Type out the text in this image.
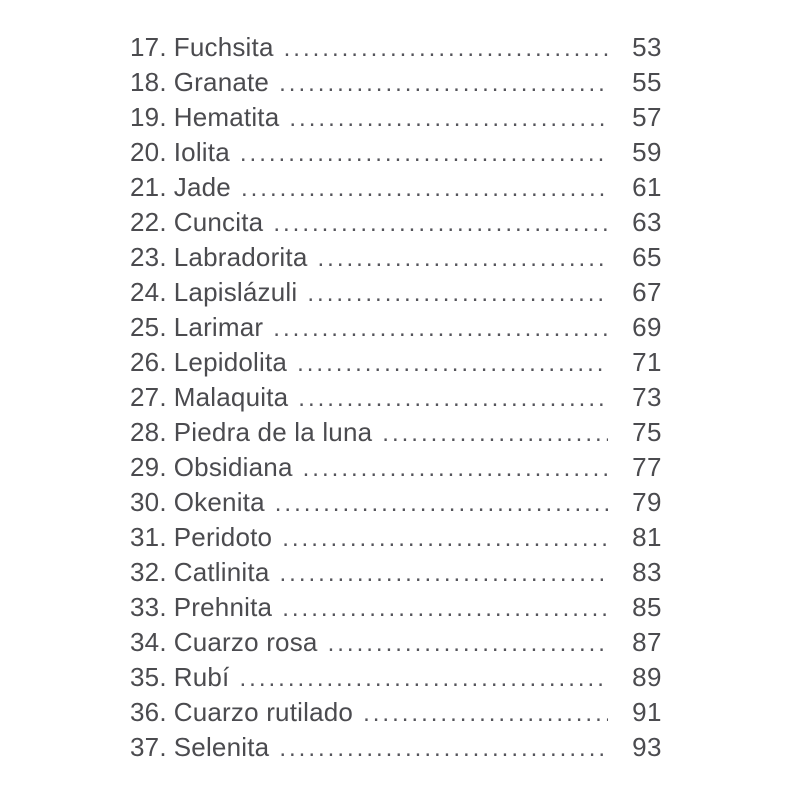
17. Fuchsita .....	53
18. Granate .....	55
19. Hematita .....	57
20. Iolita .....	59
21. Jade .....	61
22. Cuncita .....	63
23. Labradorita .....	65
24. Lapislázuli .....	67
25. Larimar .....	69
26. Lepidolita .....	71
27. Malaquita .....	73
28. Piedra de la luna .....	75
29. Obsidiana .....	77
30. Okenita .....	79
31. Peridoto .....	81
32. Catlinita .....	83
33. Prehnita .....	85
34. Cuarzo rosa .....	87
35. Rubí .....	89
36. Cuarzo rutilado .....	91
37. Selenita .....	93
